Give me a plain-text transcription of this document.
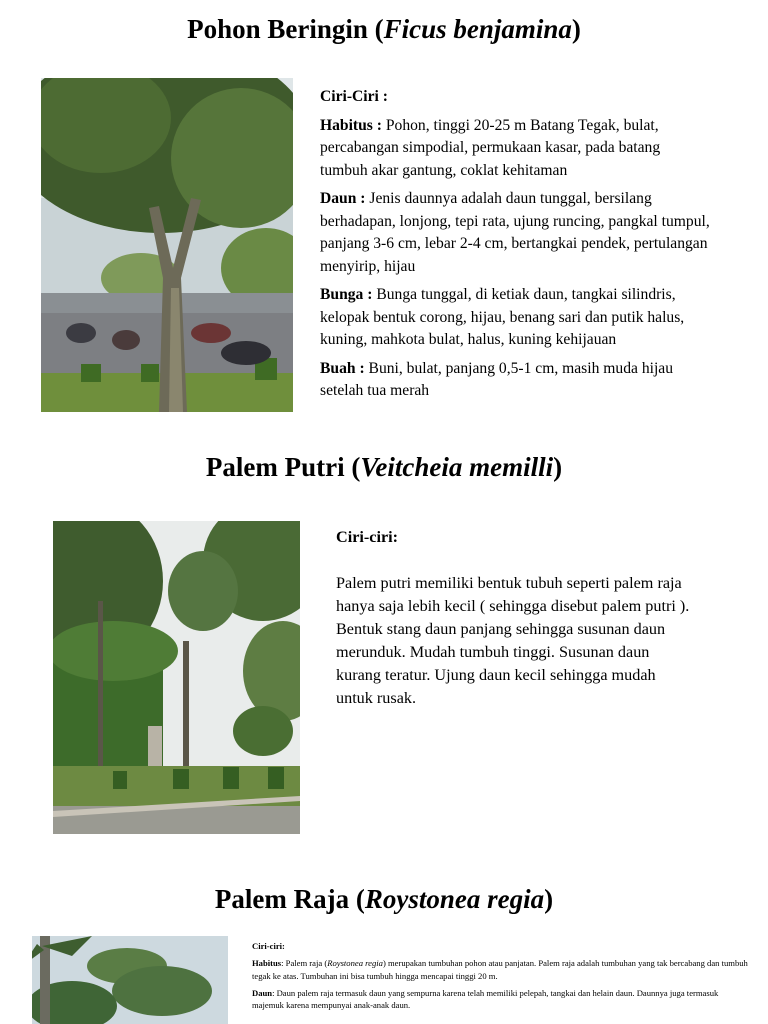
Pohon Beringin (Ficus benjamina)

Ciri-Ciri :

Habitus : Pohon, tinggi 20-25 m Batang Tegak, bulat, percabangan simpodial, permukaan kasar, pada batang tumbuh akar gantung, coklat kehitaman

Daun : Jenis daunnya adalah daun tunggal, bersilang berhadapan, lonjong, tepi rata, ujung runcing, pangkal tumpul, panjang 3-6 cm, lebar 2-4 cm, bertangkai pendek, pertulangan menyirip, hijau

Bunga : Bunga tunggal, di ketiak daun, tangkai silindris, kelopak bentuk corong, hijau, benang sari dan putik halus, kuning, mahkota bulat, halus, kuning kehijauan

Buah : Buni, bulat, panjang 0,5-1 cm, masih muda hijau setelah tua merah

Palem Putri (Veitcheia memilli)

Ciri-ciri:

Palem putri memiliki bentuk tubuh seperti palem raja hanya saja lebih kecil ( sehingga disebut palem putri ).

Bentuk stang daun panjang sehingga susunan daun merunduk. Mudah tumbuh tinggi. Susunan daun kurang teratur. Ujung daun kecil sehingga mudah untuk rusak.

Palem Raja (Roystonea regia)

Ciri-ciri:

Habitus: Palem raja (Roystonea regia) merupakan tumbuhan pohon atau panjatan. Palem raja adalah tumbuhan yang tak bercabang dan tumbuh tegak ke atas. Tumbuhan ini bisa tumbuh hingga mencapai tinggi 20 m.

Daun: Daun palem raja termasuk daun yang sempurna karena telah memiliki pelepah, tangkai dan helain daun. Daunnya juga termasuk majemuk karena mempunyai anak-anak daun.
